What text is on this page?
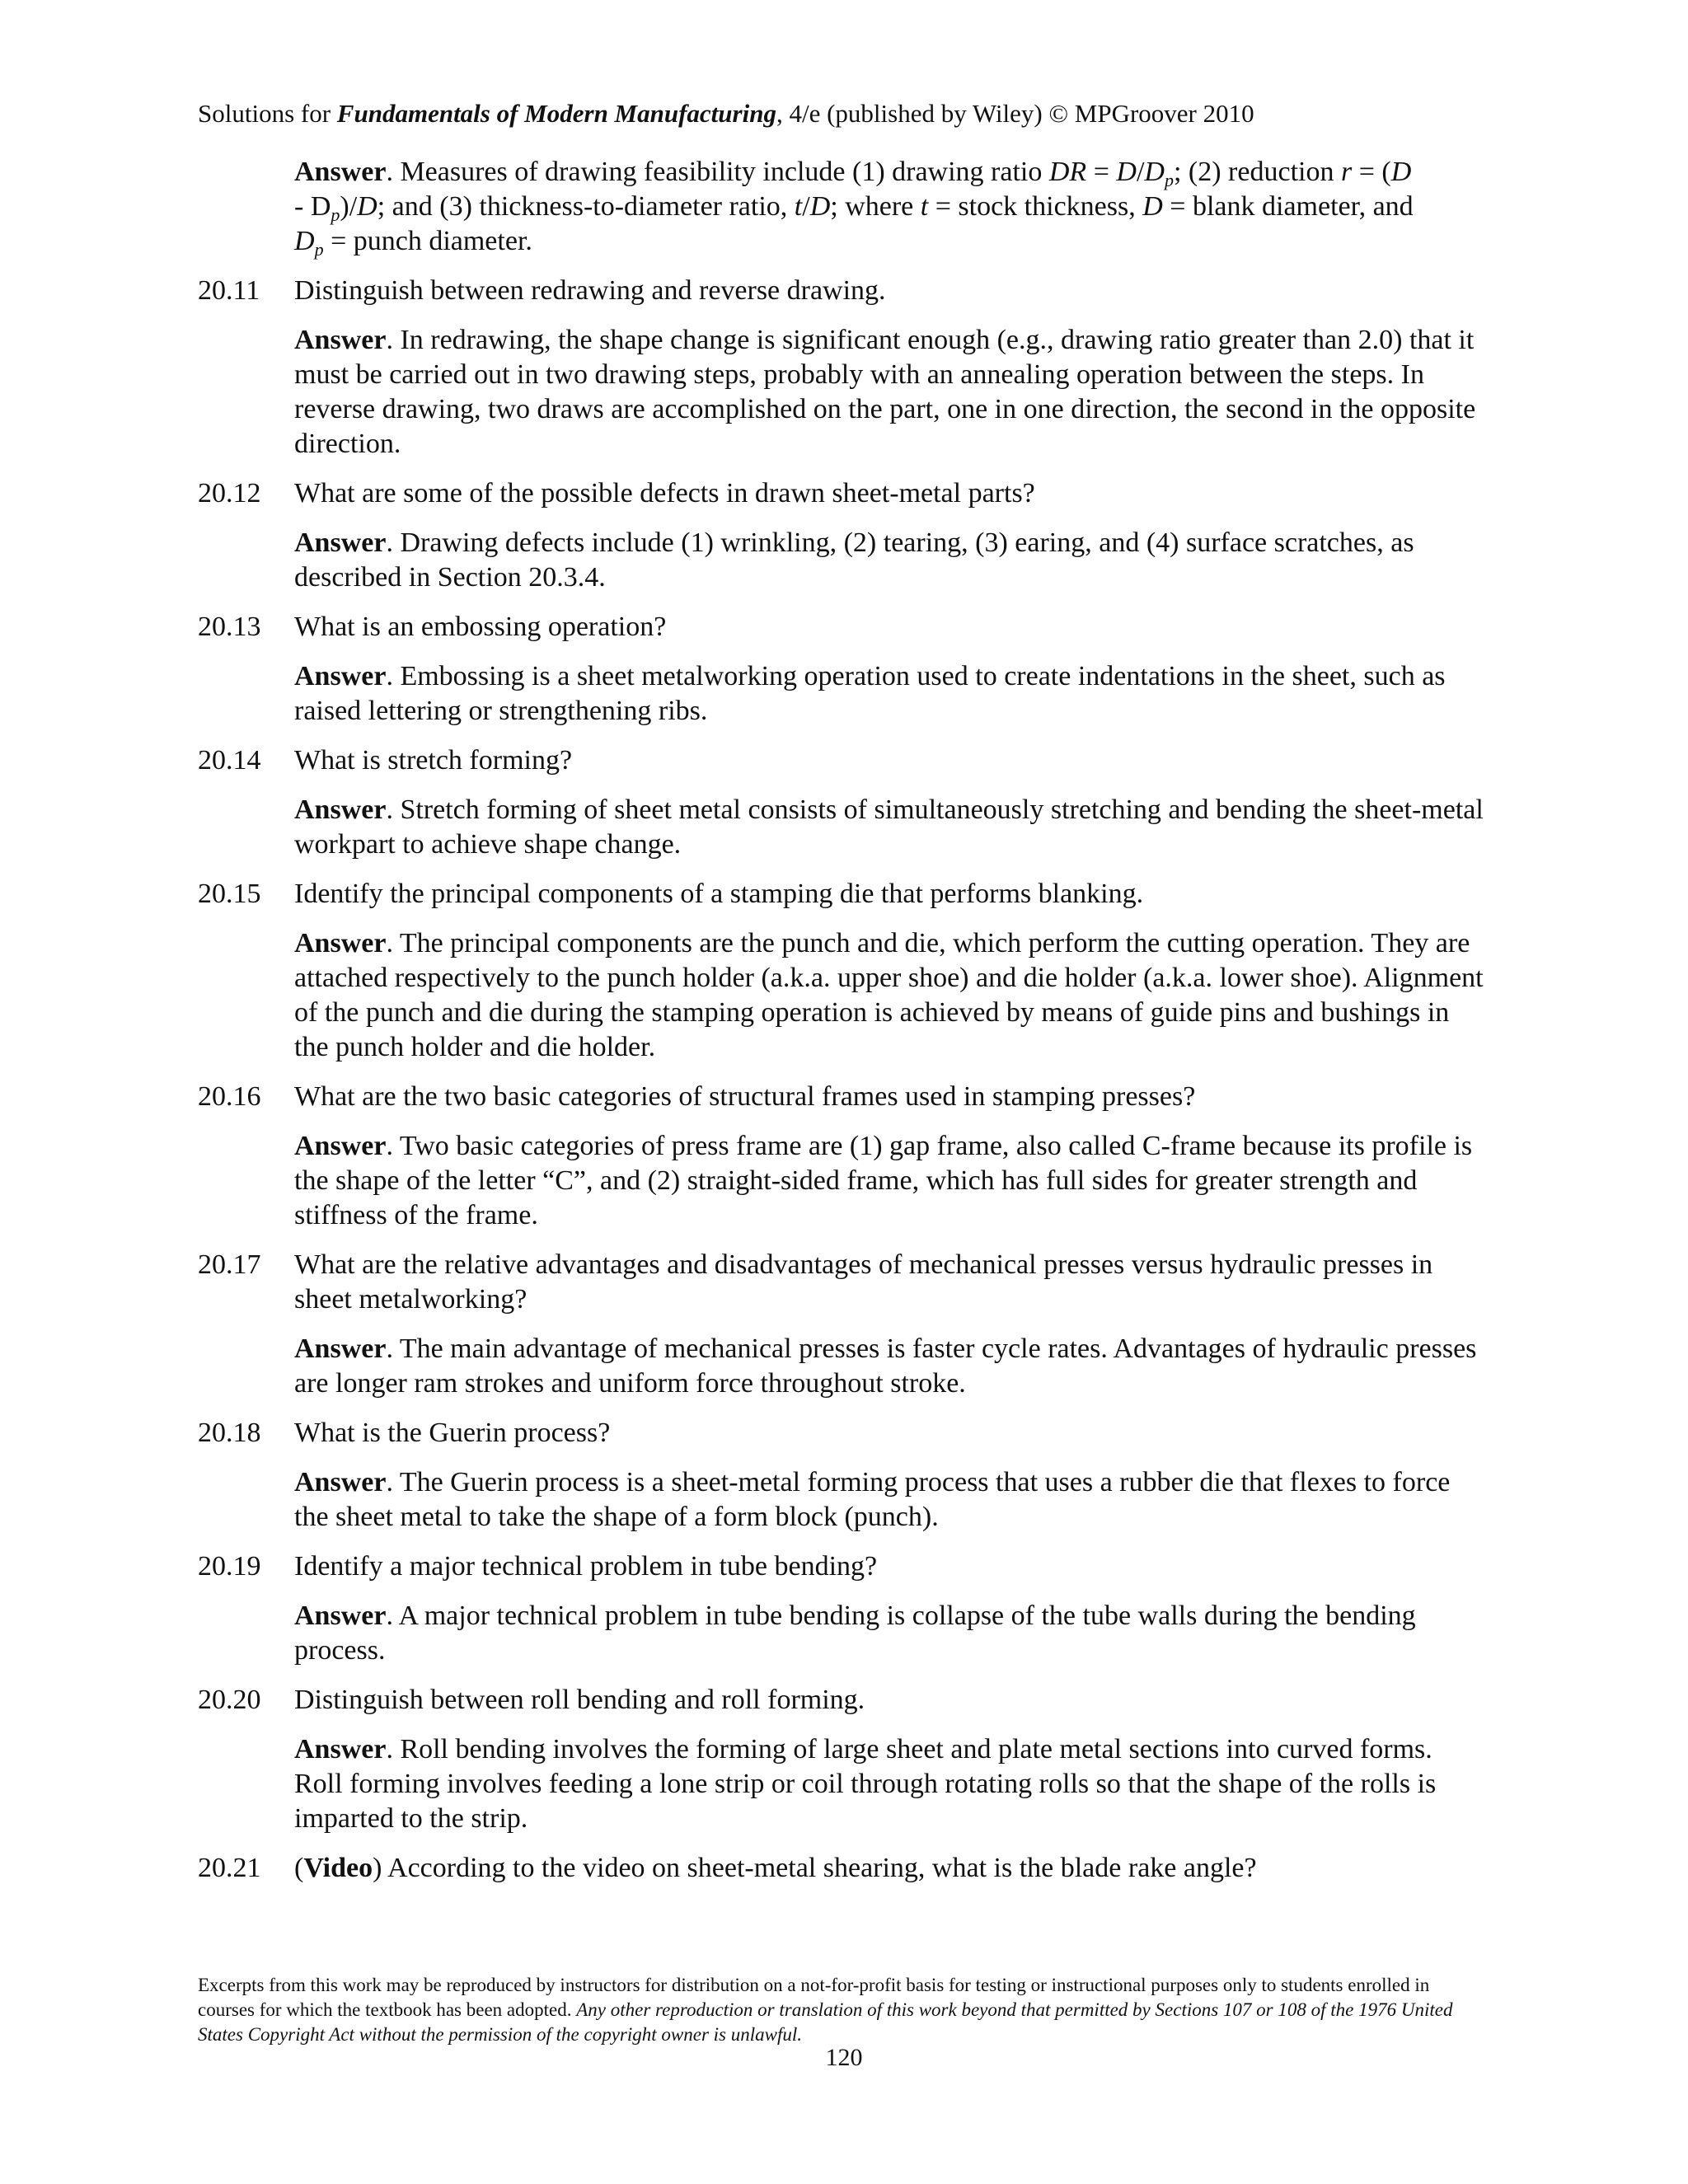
Solutions for Fundamentals of Modern Manufacturing, 4/e (published by Wiley) © MPGroover 2010
Answer. Measures of drawing feasibility include (1) drawing ratio DR = $D/D_p$; (2) reduction r = (D
- $D_p)/D$; and (3) thickness-to-diameter ratio, t/D; where t = stock thickness, D = blank diameter, and
$D_p$ = punch diameter.
20.11	Distinguish between redrawing and reverse drawing.
Answer. In redrawing, the shape change is significant enough (e.g., drawing ratio greater than 2.0) that it must be carried out in two drawing steps, probably with an annealing operation between the steps. In reverse drawing, two draws are accomplished on the part, one in one direction, the second in the opposite direction.
20.12	What are some of the possible defects in drawn sheet-metal parts?
Answer. Drawing defects include (1) wrinkling, (2) tearing, (3) earing, and (4) surface scratches, as described in Section 20.3.4.
20.13	What is an embossing operation?
Answer. Embossing is a sheet metalworking operation used to create indentations in the sheet, such as raised lettering or strengthening ribs.
20.14	What is stretch forming?
Answer. Stretch forming of sheet metal consists of simultaneously stretching and bending the sheet-metal workpart to achieve shape change.
20.15	Identify the principal components of a stamping die that performs blanking.
Answer. The principal components are the punch and die, which perform the cutting operation. They are attached respectively to the punch holder (a.k.a. upper shoe) and die holder (a.k.a. lower shoe). Alignment of the punch and die during the stamping operation is achieved by means of guide pins and bushings in the punch holder and die holder.
20.16	What are the two basic categories of structural frames used in stamping presses?
Answer. Two basic categories of press frame are (1) gap frame, also called C-frame because its profile is the shape of the letter “C”, and (2) straight-sided frame, which has full sides for greater strength and stiffness of the frame.
20.17	What are the relative advantages and disadvantages of mechanical presses versus hydraulic presses in sheet metalworking?
Answer. The main advantage of mechanical presses is faster cycle rates. Advantages of hydraulic presses are longer ram strokes and uniform force throughout stroke.
20.18	What is the Guerin process?
Answer. The Guerin process is a sheet-metal forming process that uses a rubber die that flexes to force the sheet metal to take the shape of a form block (punch).
20.19	Identify a major technical problem in tube bending?
Answer. A major technical problem in tube bending is collapse of the tube walls during the bending process.
20.20	Distinguish between roll bending and roll forming.
Answer. Roll bending involves the forming of large sheet and plate metal sections into curved forms. Roll forming involves feeding a lone strip or coil through rotating rolls so that the shape of the rolls is imparted to the strip.
20.21	(Video) According to the video on sheet-metal shearing, what is the blade rake angle?
Excerpts from this work may be reproduced by instructors for distribution on a not-for-profit basis for testing or instructional purposes only to students enrolled in courses for which the textbook has been adopted. Any other reproduction or translation of this work beyond that permitted by Sections 107 or 108 of the 1976 United States Copyright Act without the permission of the copyright owner is unlawful.
120
